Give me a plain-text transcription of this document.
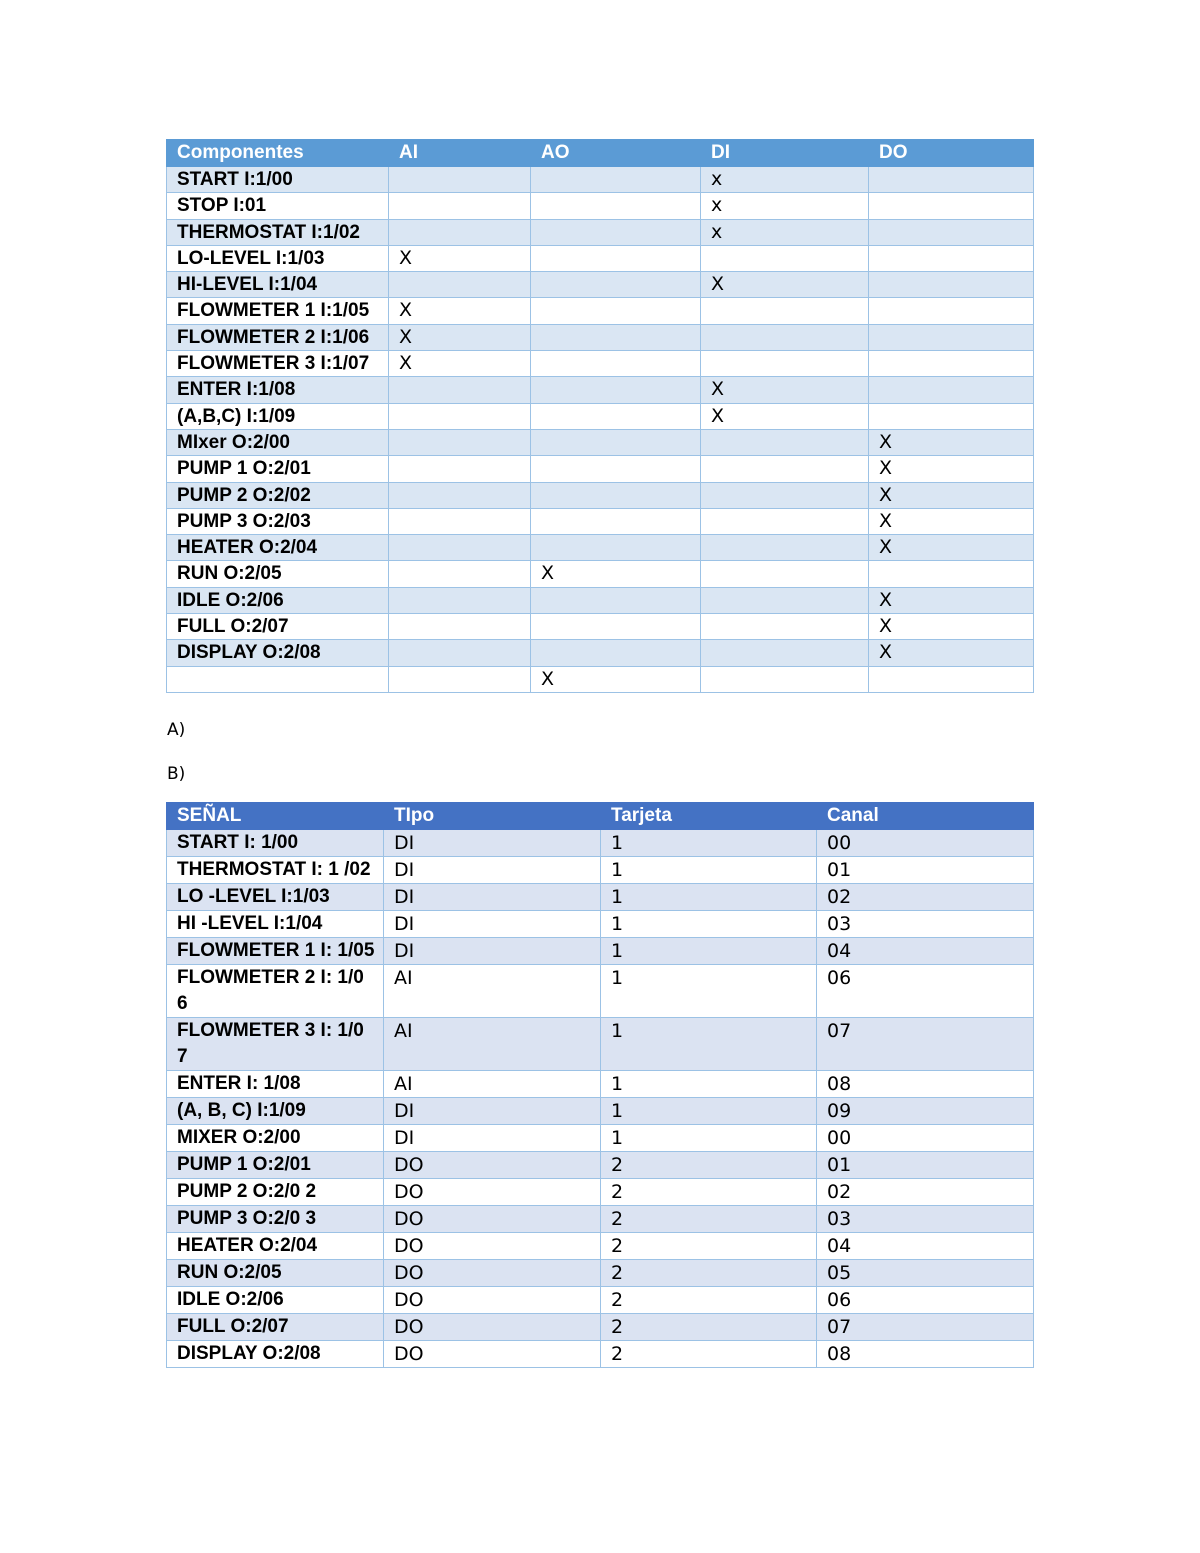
Componentes	AI	AO	DI	DO
START I:1/00			x	
STOP I:01			x	
THERMOSTAT I:1/02			x	
LO-LEVEL I:1/03	X			
HI-LEVEL I:1/04			X	
FLOWMETER 1 I:1/05	X			
FLOWMETER 2 I:1/06	X			
FLOWMETER 3 I:1/07	X			
ENTER I:1/08			X	
(A,B,C) I:1/09			X	
MIxer O:2/00				X
PUMP 1 O:2/01				X
PUMP 2 O:2/02				X
PUMP 3 O:2/03				X
HEATER O:2/04				X
RUN O:2/05		X		
IDLE O:2/06				X
FULL O:2/07				X
DISPLAY O:2/08				X
		X		
A)
B)
SEÑAL	TIpo	Tarjeta	Canal
START I: 1/00	DI	1	00
THERMOSTAT I: 1 /02	DI	1	01
LO -LEVEL I:1/03	DI	1	02
HI -LEVEL I:1/04	DI	1	03
FLOWMETER 1 I: 1/05	DI	1	04
FLOWMETER 2 I: 1/0 6	AI	1	06
FLOWMETER 3 I: 1/0 7	AI	1	07
ENTER I: 1/08	AI	1	08
(A, B, C) I:1/09	DI	1	09
MIXER O:2/00	DI	1	00
PUMP 1 O:2/01	DO	2	01
PUMP 2 O:2/0 2	DO	2	02
PUMP 3 O:2/0 3	DO	2	03
HEATER O:2/04	DO	2	04
RUN O:2/05	DO	2	05
IDLE O:2/06	DO	2	06
FULL O:2/07	DO	2	07
DISPLAY O:2/08	DO	2	08
